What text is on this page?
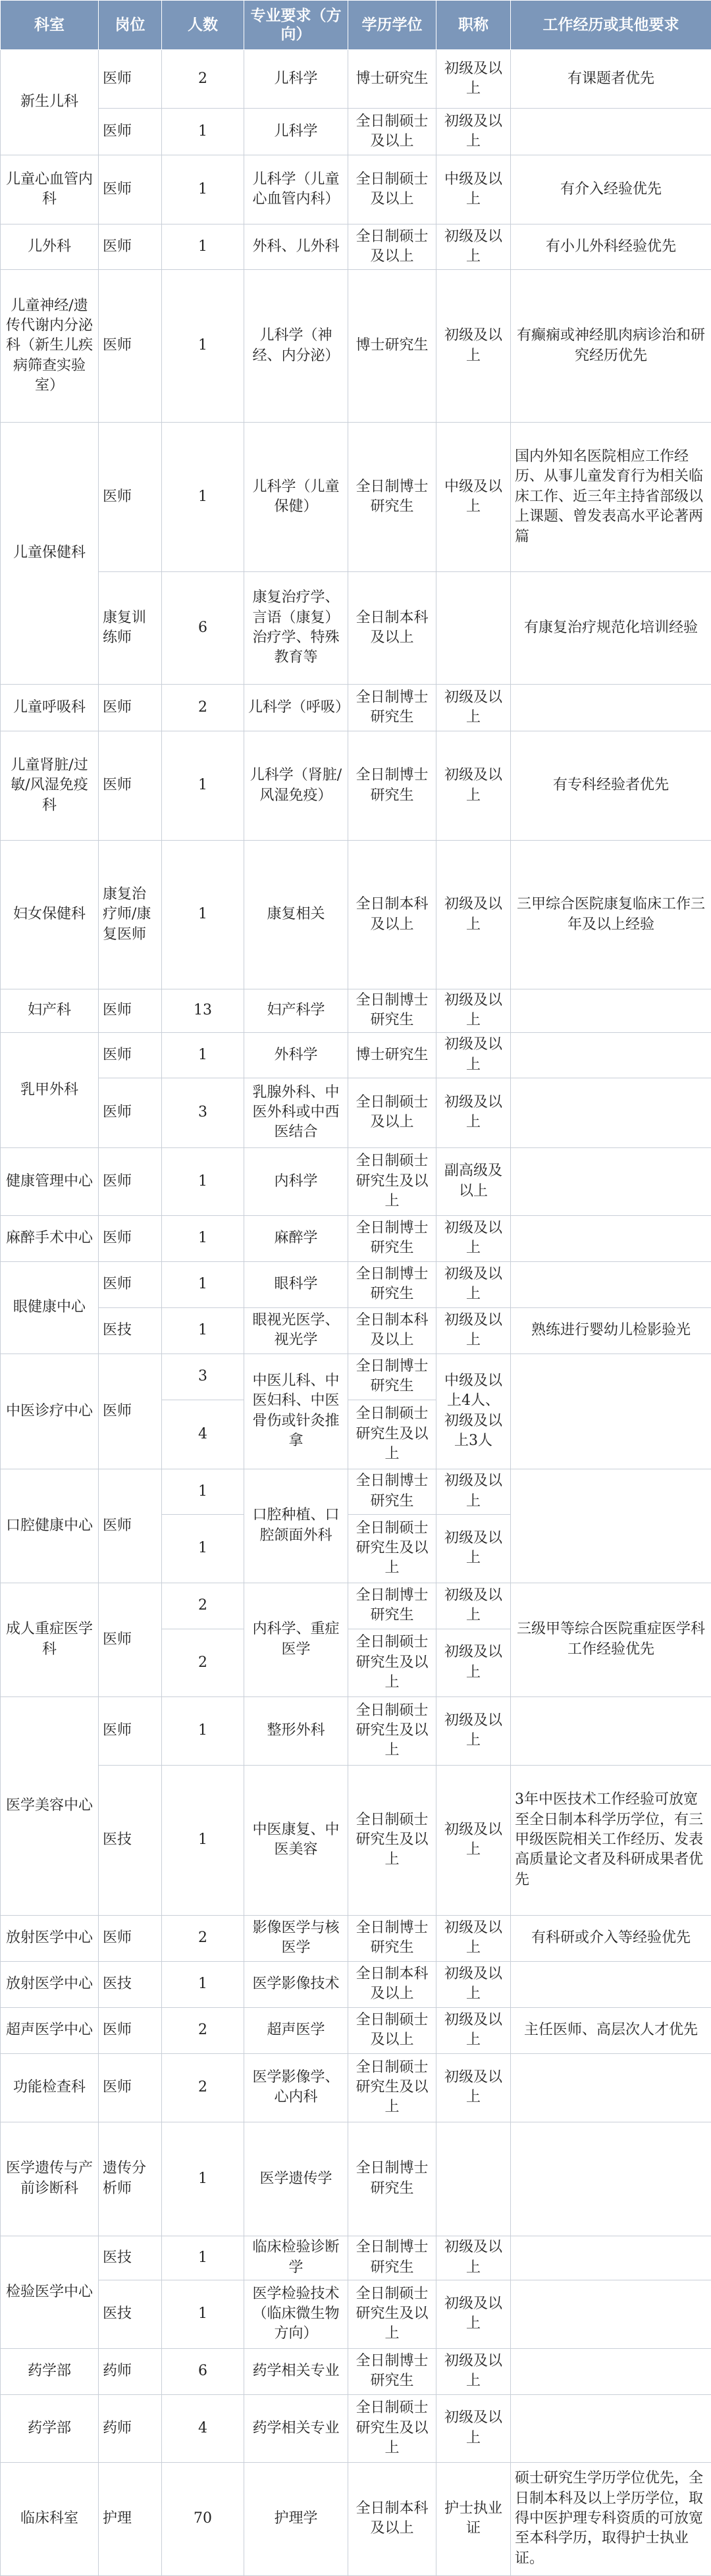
科室	岗位	人数	专业要求（方向）	学历学位	职称	工作经历或其他要求
新生儿科	医师	2	儿科学	博士研究生	初级及以上	有课题者优先
	医师	1	儿科学	全日制硕士及以上	初级及以上	
儿童心血管内科	医师	1	儿科学（儿童心血管内科）	全日制硕士及以上	中级及以上	有介入经验优先
儿外科	医师	1	外科、儿外科	全日制硕士及以上	初级及以上	有小儿外科经验优先
儿童神经/遗传代谢内分泌科（新生儿疾病筛查实验室）	医师	1	儿科学（神经、内分泌）	博士研究生	初级及以上	有癫痫或神经肌肉病诊治和研究经历优先
儿童保健科	医师	1	儿科学（儿童保健）	全日制博士研究生	中级及以上	国内外知名医院相应工作经历、从事儿童发育行为相关临床工作、近三年主持省部级以上课题、曾发表高水平论著两篇
	康复训练师	6	康复治疗学、言语（康复）治疗学、特殊教育等	全日制本科及以上		有康复治疗规范化培训经验
儿童呼吸科	医师	2	儿科学（呼吸）	全日制博士研究生	初级及以上	
儿童肾脏/过敏/风湿免疫科	医师	1	儿科学（肾脏/风湿免疫）	全日制博士研究生	初级及以上	有专科经验者优先
妇女保健科	康复治疗师/康复医师	1	康复相关	全日制本科及以上	初级及以上	三甲综合医院康复临床工作三年及以上经验
妇产科	医师	13	妇产科学	全日制博士研究生	初级及以上	
乳甲外科	医师	1	外科学	博士研究生	初级及以上	
	医师	3	乳腺外科、中医外科或中西医结合	全日制硕士及以上	初级及以上	
健康管理中心	医师	1	内科学	全日制硕士研究生及以上	副高级及以上	
麻醉手术中心	医师	1	麻醉学	全日制博士研究生	初级及以上	
眼健康中心	医师	1	眼科学	全日制博士研究生	初级及以上	
	医技	1	眼视光医学、视光学	全日制本科及以上	初级及以上	熟练进行婴幼儿检影验光
中医诊疗中心	医师	3	中医儿科、中医妇科、中医骨伤或针灸推拿	全日制博士研究生	中级及以上4人、初级及以上3人	
		4		全日制硕士研究生及以上		
口腔健康中心	医师	1	口腔种植、口腔颌面外科	全日制博士研究生	初级及以上	
		1		全日制硕士研究生及以上	初级及以上	
成人重症医学科	医师	2	内科学、重症医学	全日制博士研究生	初级及以上	三级甲等综合医院重症医学科工作经验优先
		2		全日制硕士研究生及以上	初级及以上	
医学美容中心	医师	1	整形外科	全日制硕士研究生及以上	初级及以上	
	医技	1	中医康复、中医美容	全日制硕士研究生及以上	初级及以上	3年中医技术工作经验可放宽至全日制本科学历学位，有三甲级医院相关工作经历、发表高质量论文者及科研成果者优先
放射医学中心	医师	2	影像医学与核医学	全日制博士研究生	初级及以上	有科研或介入等经验优先
放射医学中心	医技	1	医学影像技术	全日制本科及以上	初级及以上	
超声医学中心	医师	2	超声医学	全日制硕士及以上	初级及以上	主任医师、高层次人才优先
功能检查科	医师	2	医学影像学、心内科	全日制硕士研究生及以上	初级及以上	
医学遗传与产前诊断科	遗传分析师	1	医学遗传学	全日制博士研究生		
检验医学中心	医技	1	临床检验诊断学	全日制博士研究生	初级及以上	
	医技	1	医学检验技术（临床微生物方向）	全日制硕士研究生及以上	初级及以上	
药学部	药师	6	药学相关专业	全日制博士研究生	初级及以上	
药学部	药师	4	药学相关专业	全日制硕士研究生及以上	初级及以上	
临床科室	护理	70	护理学	全日制本科及以上	护士执业证	硕士研究生学历学位优先，全日制本科及以上学历学位，取得中医护理专科资质的可放宽至本科学历，取得护士执业证。
